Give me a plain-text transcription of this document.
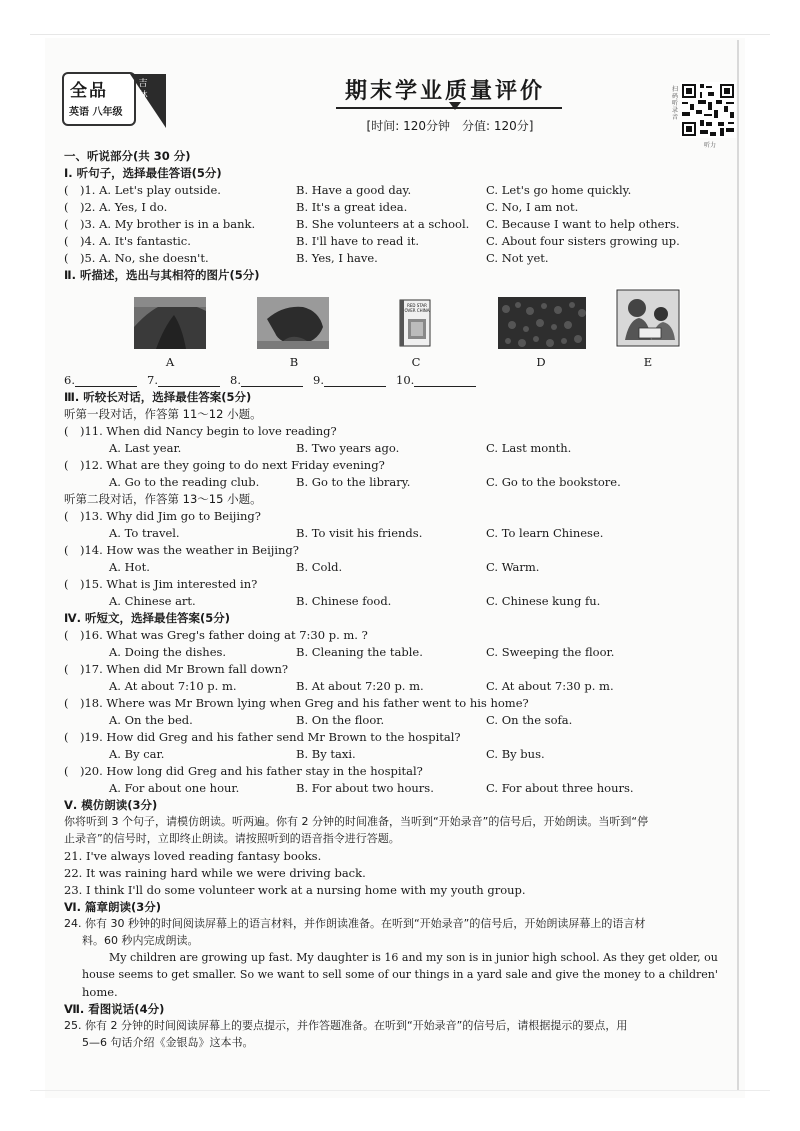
全品
英语 八年级
吉林	期末学业质量评价
[时间: 120分钟　分值: 120分]
扫码听录音
听力
一、听说部分(共 30 分)
Ⅰ. 听句子，选择最佳答语(5分)
(　)1. A. Let's play outside.	B. Have a good day.	C. Let's go home quickly.
(　)2. A. Yes, I do.	B. It's a great idea.	C. No, I am not.
(　)3. A. My brother is in a bank.	B. She volunteers at a school. C. Because I want to help others.
(　)4. A. It's fantastic.	B. I'll have to read it.	C. About four sisters growing up.
(　)5. A. No, she doesn't.	B. Yes, I have.	C. Not yet.
Ⅱ. 听描述，选出与其相符的图片(5分)
RED STAR
OVER CHINA
A	B	C	D	E
6.	7.	8.	9.	10.
Ⅲ. 听较长对话，选择最佳答案(5分)
听第一段对话，作答第 11～12 小题。
(　)11. When did Nancy begin to love reading?
A. Last year.	B. Two years ago.	C. Last month.
(　)12. What are they going to do next Friday evening?
A. Go to the reading club.	B. Go to the library.	C. Go to the bookstore.
听第二段对话，作答第 13～15 小题。
(　)13. Why did Jim go to Beijing?
A. To travel.	B. To visit his friends.	C. To learn Chinese.
(　)14. How was the weather in Beijing?
A. Hot.	B. Cold.	C. Warm.
(　)15. What is Jim interested in?
A. Chinese art.	B. Chinese food.	C. Chinese kung fu.
Ⅳ. 听短文，选择最佳答案(5分)
(　)16. What was Greg's father doing at 7:30 p. m. ?
A. Doing the dishes.	B. Cleaning the table.	C. Sweeping the floor.
(　)17. When did Mr Brown fall down?
A. At about 7:10 p. m.	B. At about 7:20 p. m.	C. At about 7:30 p. m.
(　)18. Where was Mr Brown lying when Greg and his father went to his home?
A. On the bed.	B. On the floor.	C. On the sofa.
(　)19. How did Greg and his father send Mr Brown to the hospital?
A. By car.	B. By taxi.	C. By bus.
(　)20. How long did Greg and his father stay in the hospital?
A. For about one hour.	B. For about two hours.	C. For about three hours.
Ⅴ. 模仿朗读(3分)
你将听到 3 个句子，请模仿朗读。听两遍。你有 2 分钟的时间准备，当听到“开始录音”的信号后，开始朗读。当听到“停
止录音”的信号时，立即终止朗读。请按照听到的语音指令进行答题。
21. I've always loved reading fantasy books.
22. It was raining hard while we were driving back.
23. I think I'll do some volunteer work at a nursing home with my youth group.
Ⅵ. 篇章朗读(3分)
24. 你有 30 秒钟的时间阅读屏幕上的语言材料，并作朗读准备。在听到“开始录音”的信号后，开始朗读屏幕上的语言材
料。60 秒内完成朗读。
My children are growing up fast. My daughter is 16 and my son is in junior high school. As they get older, ou
house seems to get smaller. So we want to sell some of our things in a yard sale and give the money to a children'
home.
Ⅶ. 看图说话(4分)
25. 你有 2 分钟的时间阅读屏幕上的要点提示，并作答题准备。在听到“开始录音”的信号后，请根据提示的要点，用
5—6 句话介绍《金银岛》这本书。
